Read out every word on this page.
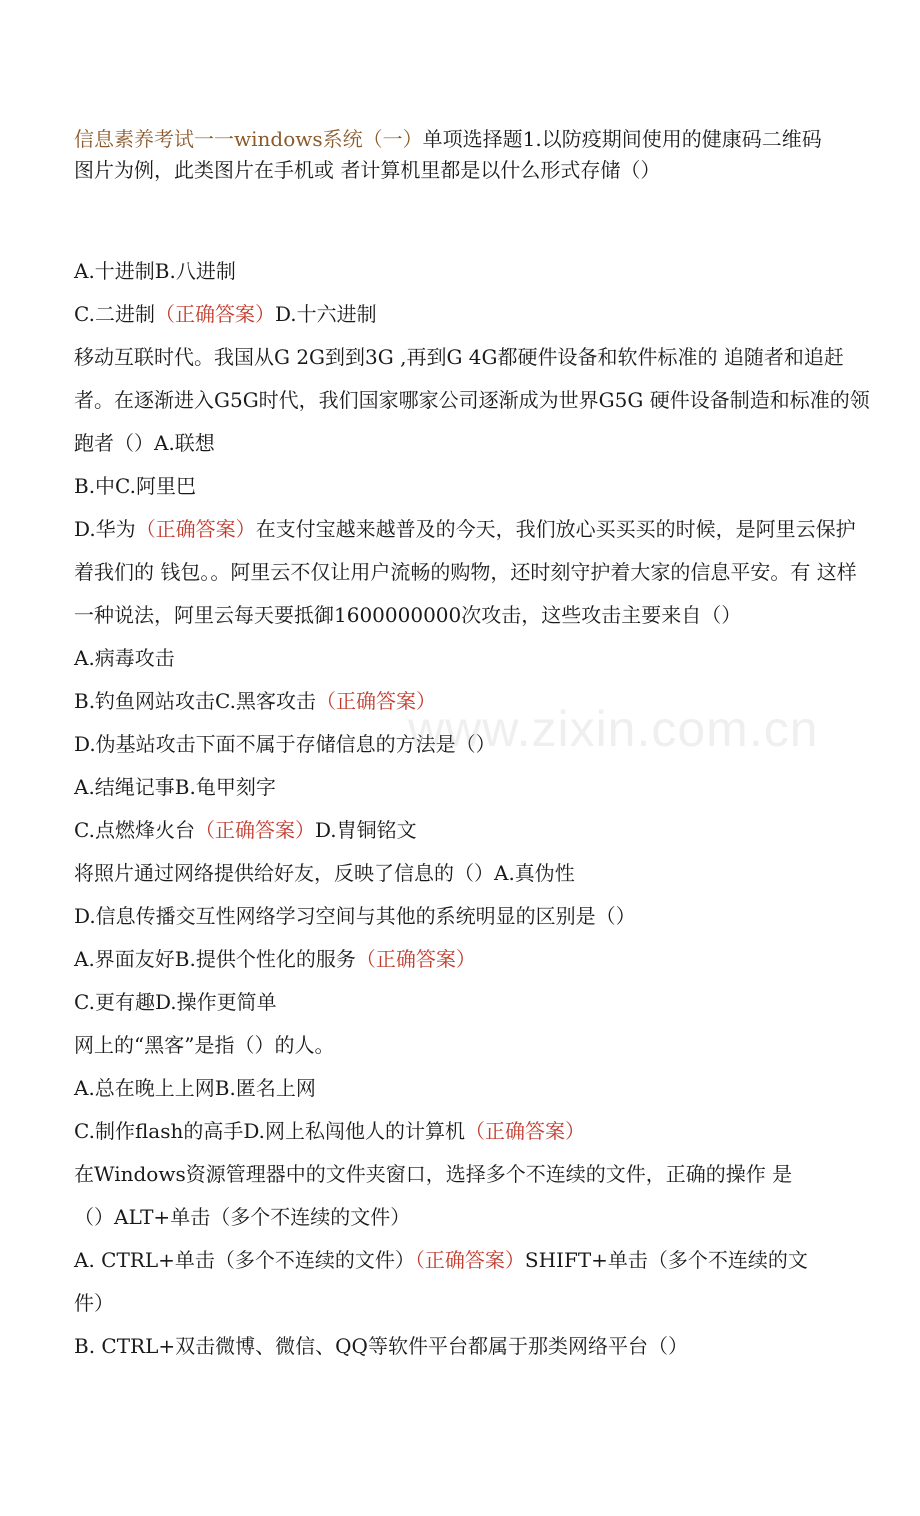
信息素养考试一一windows系统（一）单项选择题1.以防疫期间使用的健康码二维码
图片为例，此类图片在手机或 者计算机里都是以什么形式存储（）

A.十进制B.八进制

C.二进制（正确答案）D.十六进制

移动互联时代。我国从G 2G到到3G ,再到G 4G都硬件设备和软件标准的 追随者和追赶者。在逐渐进入G5G时代，我们国家哪家公司逐渐成为世界G5G 硬件设备制造和标准的领跑者（）A.联想

B.中C.阿里巴

D.华为（正确答案）在支付宝越来越普及的今天，我们放心买买买的时候，是阿里云保护着我们的 钱包。。阿里云不仅让用户流畅的购物，还时刻守护着大家的信息平安。有 这样一种说法，阿里云每天要抵御1600000000次攻击，这些攻击主要来自（）

A.病毒攻击

B.钓鱼网站攻击C.黑客攻击（正确答案）

D.伪基站攻击下面不属于存储信息的方法是（）

A.结绳记事B.龟甲刻字

C.点燃烽火台（正确答案）D.胄铜铭文

将照片通过网络提供给好友，反映了信息的（）A.真伪性

D.信息传播交互性网络学习空间与其他的系统明显的区别是（）

A.界面友好B.提供个性化的服务（正确答案）

C.更有趣D.操作更简单

网上的“黑客”是指（）的人。

A.总在晚上上网B.匿名上网

C.制作flash的高手D.网上私闯他人的计算机（正确答案）

在Windows资源管理器中的文件夹窗口，选择多个不连续的文件，正确的操作 是

（）ALT+单击（多个不连续的文件）

A. CTRL+单击（多个不连续的文件）（正确答案）SHIFT+单击（多个不连续的文

件）

B. CTRL+双击微博、微信、QQ等软件平台都属于那类网络平台（）

www.zixin.com.cn
